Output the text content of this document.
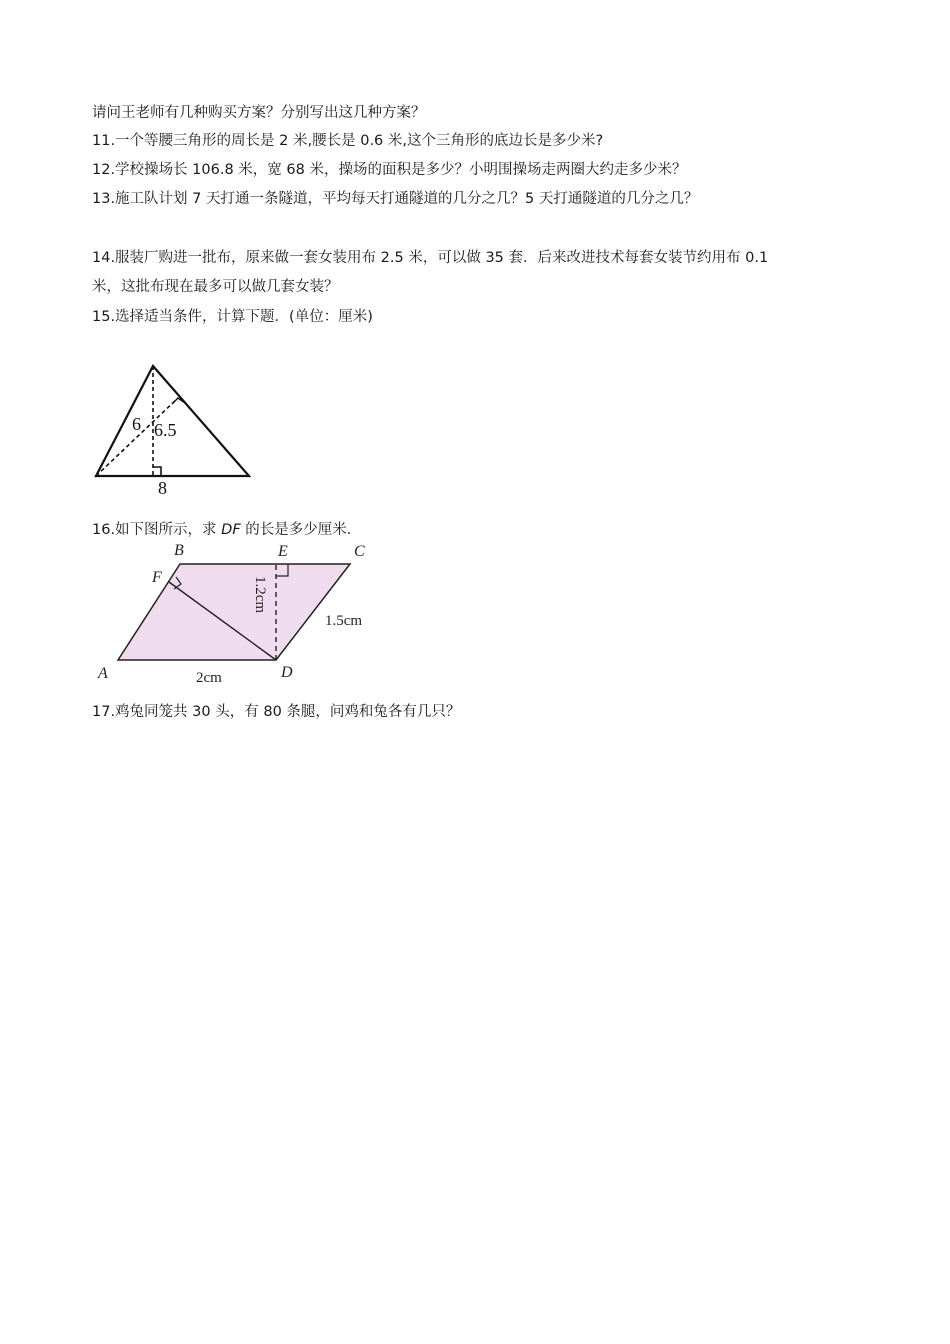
请问王老师有几种购买方案？分别写出这几种方案？
11.一个等腰三角形的周长是 2 米,腰长是 0.6 米,这个三角形的底边长是多少米?
12.学校操场长 106.8 米，宽 68 米，操场的面积是多少？小明围操场走两圈大约走多少米？
13.施工队计划 7 天打通一条隧道，平均每天打通隧道的几分之几？5 天打通隧道的几分之几？
14.服装厂购进一批布，原来做一套女装用布 2.5 米，可以做 35 套．后来改进技术每套女装节约用布 0.1
米，这批布现在最多可以做几套女装？
15.选择适当条件，计算下题．(单位：厘米)
6 6.5
8
16.如下图所示，求 DF 的长是多少厘米．
A
B	C
D
E
F	1.2cm
1.5cm
2cm
17.鸡兔同笼共 30 头，有 80 条腿，问鸡和兔各有几只？
